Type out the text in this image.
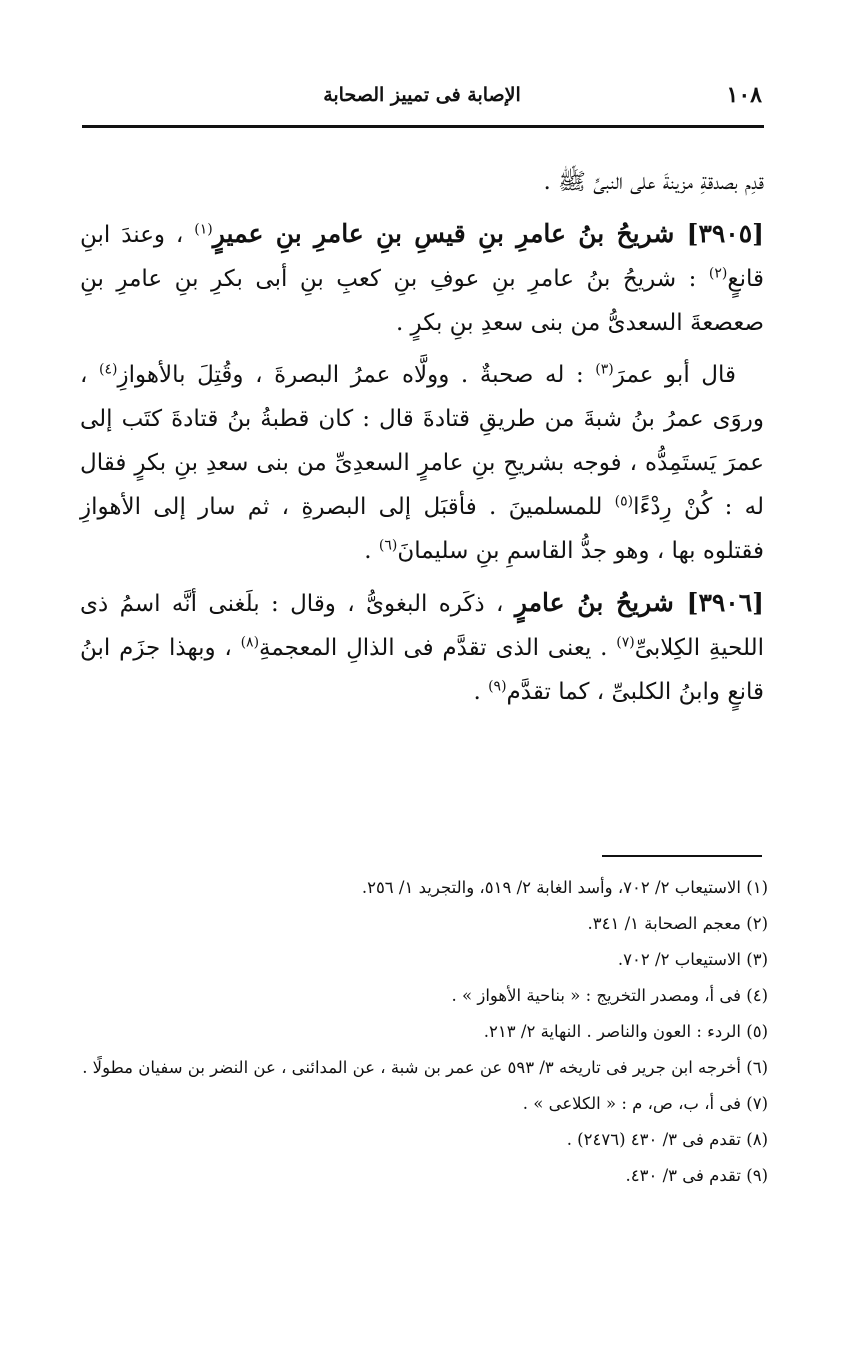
١٠٨
الإصابة فى تمييز الصحابة

قدِم بصدقةِ مزينةَ على النبىِّ ﷺ .

[٣٩٠٥] شريحُ بنُ عامرِ بنِ قيسِ بنِ عامرِ بنِ عميرٍ$^{(١)}$ ، وعندَ ابنِ قانعٍ$^{(٢)}$ : شريحُ بنُ عامرِ بنِ عوفِ بنِ كعبِ بنِ أبى بكرِ بنِ عامرِ بنِ صعصعةَ السعدىُّ من بنى سعدِ بنِ بكرٍ .

قال أبو عمرَ$^{(٣)}$ : له صحبةٌ . وولَّاه عمرُ البصرةَ ، وقُتِلَ بالأهوازِ$^{(٤)}$ ، وروَى عمرُ بنُ شبةَ من طريقِ قتادةَ قال : كان قطبةُ بنُ قتادةَ كتَب إلى عمرَ يَستَمِدُّه ، فوجه بشريحِ بنِ عامرٍ السعدِىِّ من بنى سعدِ بنِ بكرٍ فقال له : كُنْ رِدْءًا$^{(٥)}$ للمسلمينَ . فأقبَل إلى البصرةِ ، ثم سار إلى الأهوازِ فقتلوه بها ، وهو جدُّ القاسمِ بنِ سليمانَ$^{(٦)}$ .

[٣٩٠٦] شريحُ بنُ عامرٍ ، ذكَره البغوىُّ ، وقال : بلَغنى أنَّه اسمُ ذى اللحيةِ الكِلابىِّ$^{(٧)}$ . يعنى الذى تقدَّم فى الذالِ المعجمةِ$^{(٨)}$ ، وبهذا جزَم ابنُ قانعٍ وابنُ الكلبىِّ ، كما تقدَّم$^{(٩)}$ .

(١) الاستيعاب ٢/ ٧٠٢، وأسد الغابة ٢/ ٥١٩، والتجريد ١/ ٢٥٦.
(٢) معجم الصحابة ١/ ٣٤١.
(٣) الاستيعاب ٢/ ٧٠٢.
(٤) فى أ، ومصدر التخريج : « بناحية الأهواز » .
(٥) الردء : العون والناصر . النهاية ٢/ ٢١٣.
(٦) أخرجه ابن جرير فى تاريخه ٣/ ٥٩٣ عن عمر بن شبة ، عن المدائنى ، عن النضر بن سفيان مطولًا .
(٧) فى أ، ب، ص، م : « الكلاعى » .
(٨) تقدم فى ٣/ ٤٣٠ (٢٤٧٦) .
(٩) تقدم فى ٣/ ٤٣٠.
